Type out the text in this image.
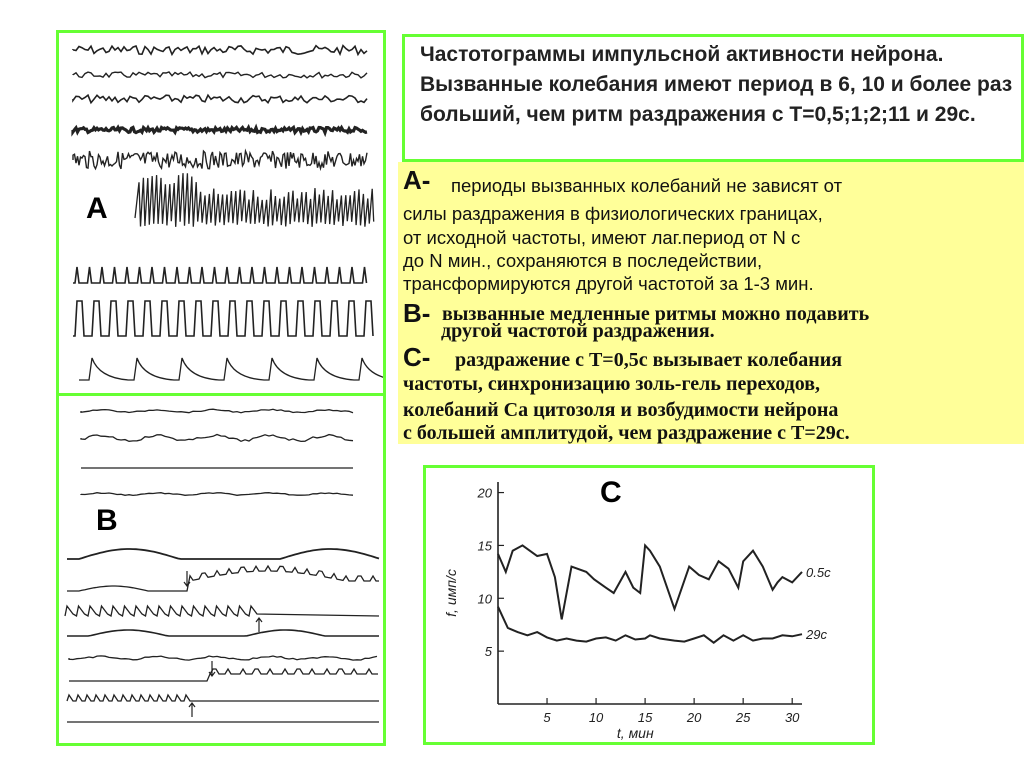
A
B
Частотограммы импульсной активности нейрона. Вызванные колебания имеют период в 6, 10 и более раз больший, чем ритм раздражения с Т=0,5;1;2;11 и 29с.
A- периоды вызванных колебаний не зависят от
силы раздражения в физиологических границах,
от исходной частоты, имеют лаг.период от N с
до N мин., сохраняются в последействии,
трансформируются другой частотой за 1-3 мин.
B- вызванные медленные ритмы можно подавить
другой частотой раздражения.
C- раздражение с Т=0,5с вызывает колебания
частоты, синхронизацию золь-гель переходов,
колебаний Са цитозоля и возбудимости нейрона
с большей амплитудой, чем раздражение с Т=29с.
5	10	15	20	25	30
5
10
15
20
f, имп/с
t, мин
0.5с
29с
C
